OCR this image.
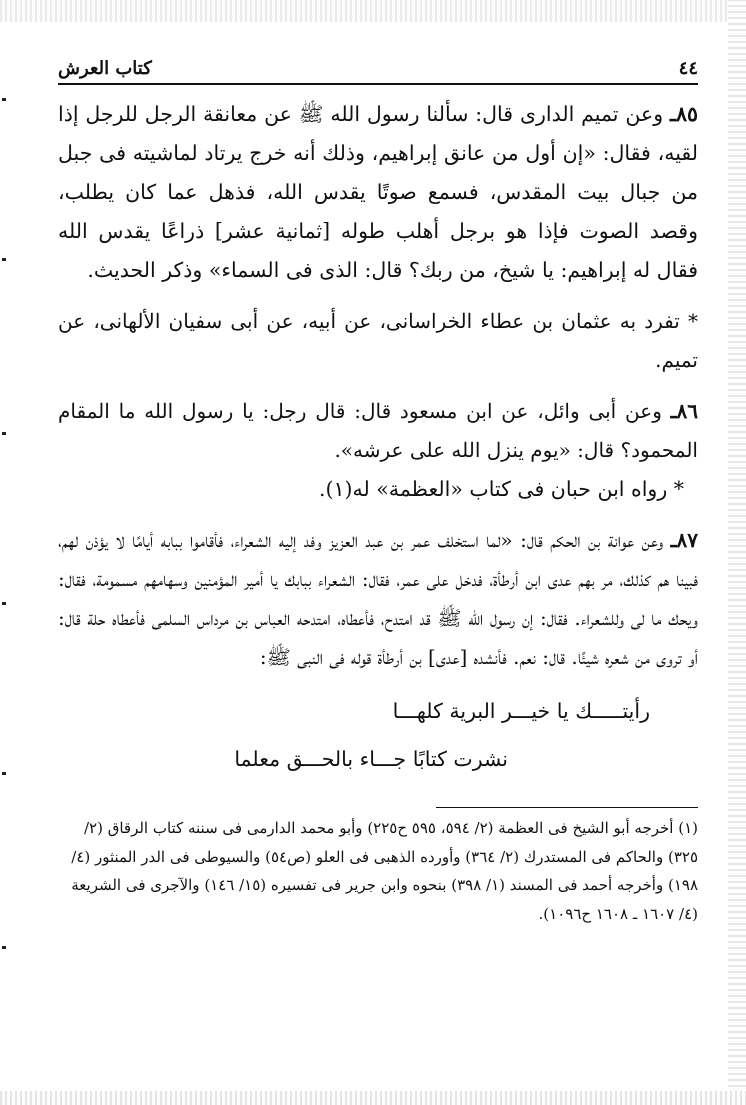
٤٤
كتاب العرش

٨٥ـ وعن تميم الدارى قال: سألنا رسول الله ﷺ عن معانقة الرجل للرجل إذا لقيه، فقال: «إن أول من عانق إبراهيم، وذلك أنه خرج يرتاد لماشيته فى جبل من جبال بيت المقدس، فسمع صوتًا يقدس الله، فذهل عما كان يطلب، وقصد الصوت فإذا هو برجل أهلب طوله [ثمانية عشر] ذراعًا يقدس الله فقال له إبراهيم: يا شيخ، من ربك؟ قال: الذى فى السماء» وذكر الحديث.

* تفرد به عثمان بن عطاء الخراسانى، عن أبيه، عن أبى سفيان الألهانى، عن تميم.

٨٦ـ وعن أبى وائل، عن ابن مسعود قال: قال رجل: يا رسول الله ما المقام المحمود؟ قال: «يوم ينزل الله على عرشه».

* رواه ابن حبان فى كتاب «العظمة» له(١).

٨٧ـ وعن عوانة بن الحكم قال: «لما استخلف عمر بن عبد العزيز وفد إليه الشعراء، فأقاموا ببابه أيامًا لا يؤذن لهم، فبينا هم كذلك، مر بهم عدى ابن أرطأة، فدخل على عمر، فقال: الشعراء ببابك يا أمير المؤمنين وسهامهم مسمومة، فقال: ويحك ما لى وللشعراء. فقال: إن رسول الله ﷺ قد امتدح، فأعطاه، امتدحه العباس بن مرداس السلمى فأعطاه حلة قال: أو تروى من شعره شيئًا. قال: نعم. فأنشده [عدى] بن أرطأة قوله فى النبى ﷺ:

رأيتـــــك يا خيـــر البرية كلهـــا
نشرت كتابًا جـــاء بالحـــق معلما
(١) أخرجه أبو الشيخ فى العظمة (٢/ ٥٩٤، ٥٩٥ ح٢٢٥) وأبو محمد الدارمى فى سننه كتاب الرقاق (٢/ ٣٢٥) والحاكم فى المستدرك (٢/ ٣٦٤) وأورده الذهبى فى العلو (ص٥٤) والسيوطى فى الدر المنثور (٤/ ١٩٨) وأخرجه أحمد فى المسند (١/ ٣٩٨) بنحوه وابن جرير فى تفسيره (١٥/ ١٤٦) والآجرى فى الشريعة (٤/ ١٦٠٧ ـ ١٦٠٨ ح١٠٩٦).
